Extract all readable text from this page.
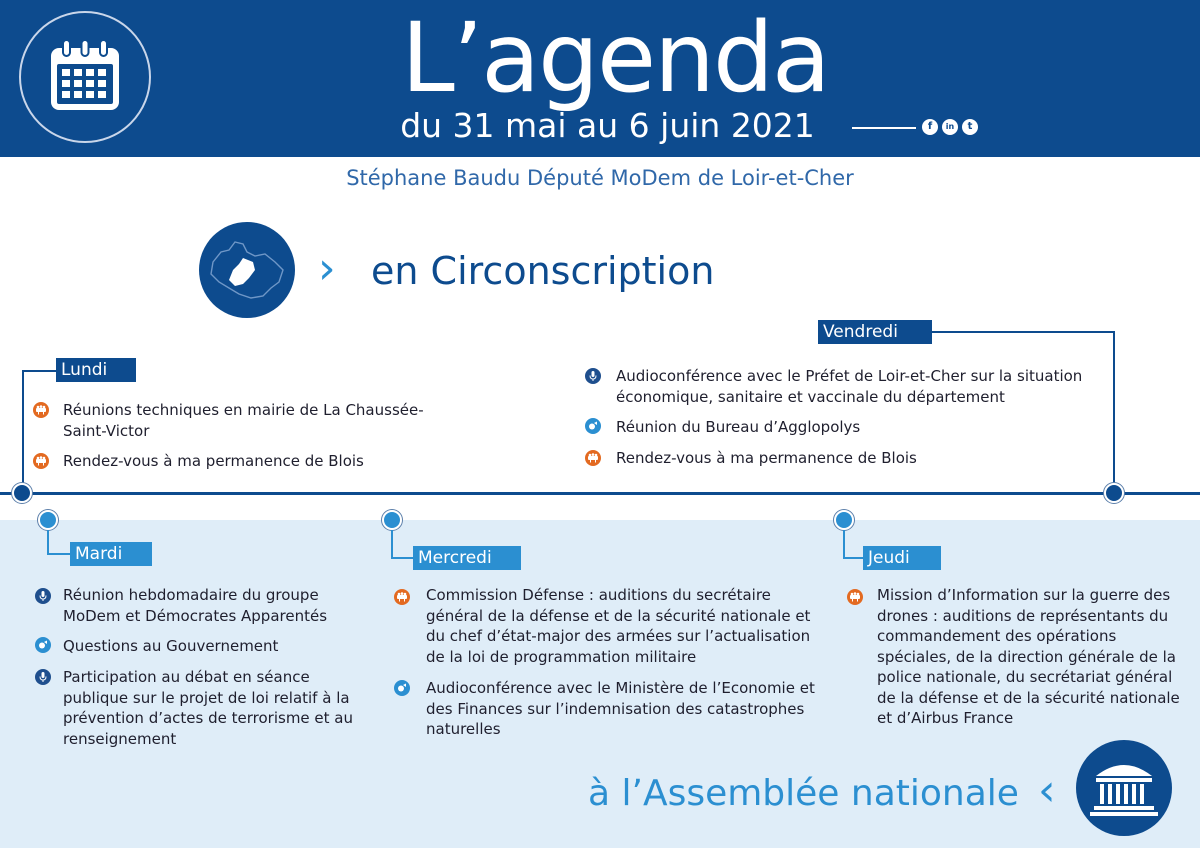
L’agenda
du 31 mai au 6 juin 2021	f	in	t
Stéphane Baudu Député MoDem de Loir-et-Cher
› en Circonscription
Lundi
Réunions techniques en mairie de La Chaussée-Saint-Victor
Rendez-vous à ma permanence de Blois
Vendredi
Audioconférence avec le Préfet de Loir-et-Cher sur la situation économique, sanitaire et vaccinale du département
Réunion du Bureau d’Agglopolys
Rendez-vous à ma permanence de Blois
Mardi
Réunion hebdomadaire du groupe MoDem et Démocrates Apparentés
Questions au Gouvernement
Participation au débat en séance publique sur le projet de loi relatif à la prévention d’actes de terrorisme et au renseignement
Mercredi
Commission Défense : auditions du secrétaire général de la défense et de la sécurité nationale et du chef d’état-major des armées sur l’actualisation de la loi de programmation militaire
Audioconférence avec le Ministère de l’Economie et des Finances sur l’indemnisation des catastrophes naturelles
Jeudi
Mission d’Information sur la guerre des drones : auditions de représentants du commandement des opérations spéciales, de la direction générale de la police nationale, du secrétariat général de la défense et de la sécurité nationale et d’Airbus France
à l’Assemblée nationale ‹
